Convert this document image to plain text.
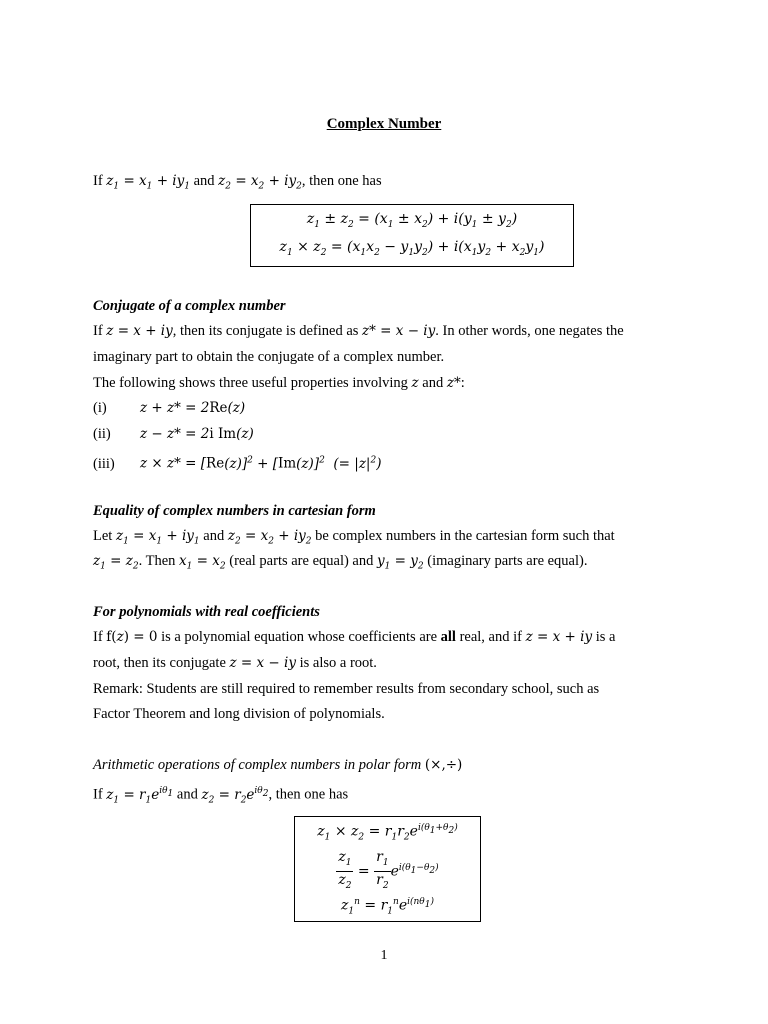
Complex Number
If $z_1 = x_1 + iy_1$ and $z_2 = x_2 + iy_2$, then one has
$z_1 \pm z_2 = (x_1 \pm x_2) + i(y_1 \pm y_2)$
$z_1 \times z_2 = (x_1x_2 - y_1y_2) + i(x_1y_2 + x_2y_1)$
Conjugate of a complex number
If z = x + iy, then its conjugate is defined as z* = x − iy. In other words, one negates the
imaginary part to obtain the conjugate of a complex number.
The following shows three useful properties involving z and z*:
(i) z + z* = 2Re(z)
(ii) z − z* = 2i Im(z)
(iii) $z \times z* = [Re(z)]^2 + [Im(z)]^2$  (= $|z|^2$)
Equality of complex numbers in cartesian form
Let $z_1 = x_1 + iy_1$ and $z_2 = x_2 + iy_2$ be complex numbers in the cartesian form such that
$z_1 = z_2$. Then $x_1 = x_2$ (real parts are equal) and $y_1 = y_2$ (imaginary parts are equal).
For polynomials with real coefficients
If f(z) = 0 is a polynomial equation whose coefficients are all real, and if z = x + iy is a
root, then its conjugate z = x − iy is also a root.
Remark: Students are still required to remember results from secondary school, such as
Factor Theorem and long division of polynomials.
Arithmetic operations of complex numbers in polar form (×,÷)
If $z_1 = r_1e^{i\theta_1}$ and $z_2 = r_2e^{i\theta_2}$, then one has
$z_1 \times z_2 = r_1r_2e^{i(\theta_1+\theta_2)}$
$\frac{z_1}{z_2} = \frac{r_1}{r_2} e^{i(\theta_1-\theta_2)}$
$z_1^n = r_1^ne^{i(n\theta_1)}$
1
